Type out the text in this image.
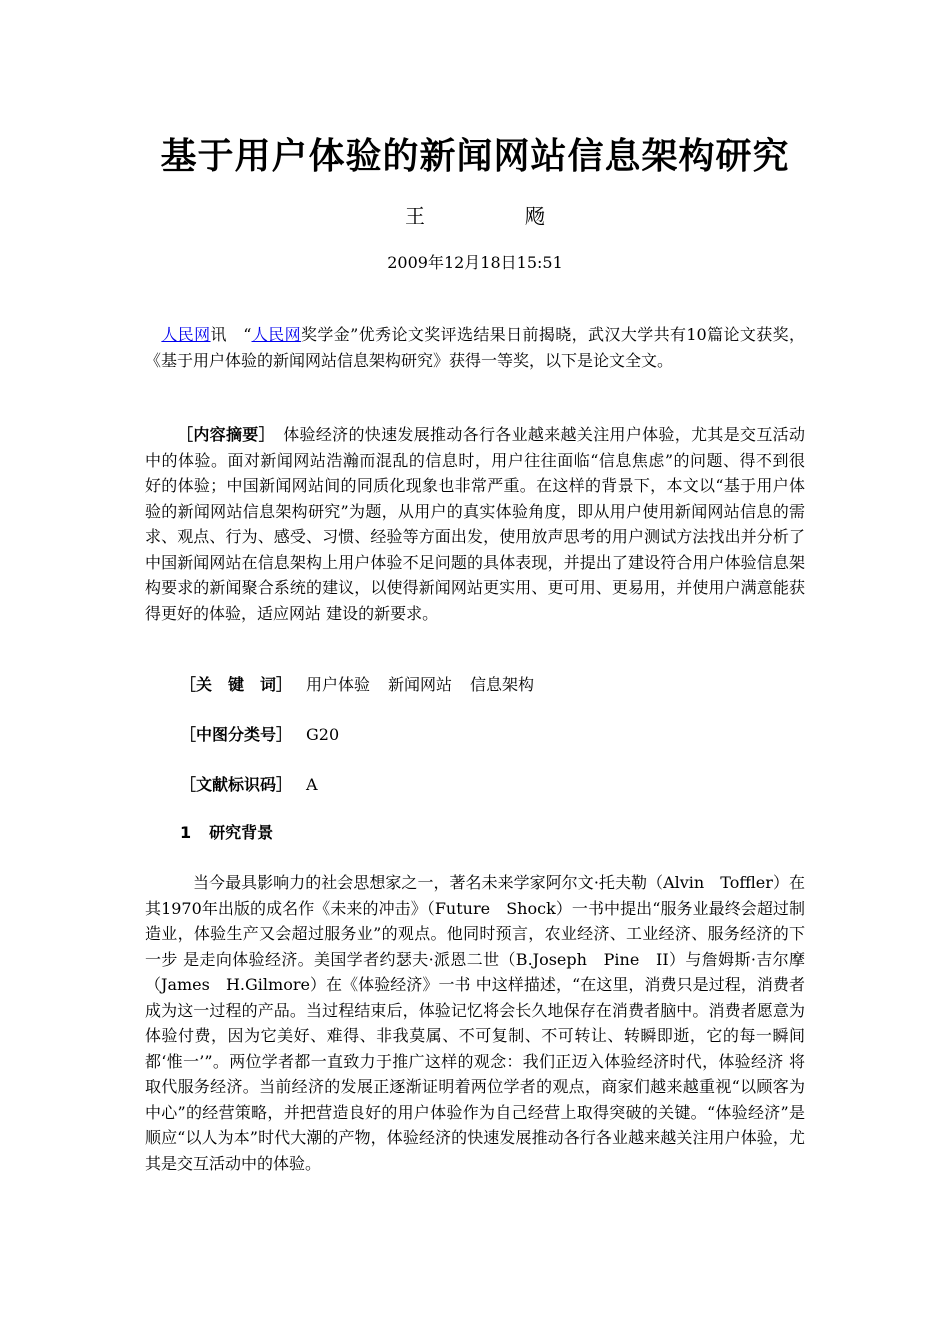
基于用户体验的新闻网站信息架构研究

王	飏

2009年12月18日15:51

​　人民网讯　“人民网奖学金”优秀论文奖评选结果日前揭晓，武汉大学共有10篇论文获奖，《基于用户体验的新闻网站信息架构研究》获得一等奖，以下是论文全文。

［内容摘要］　体验经济的快速发展推动各行各业越来越关注用户体验，尤其是交互活动中的体验。面对新闻网站浩瀚而混乱的信息时，用户往往面临“信息焦虑”的问题、得不到很 好的体验；中国新闻网站间的同质化现象也非常严重。在这样的背景下，本文以“基于用户体验的新闻网站信息架构研究”为题，从用户的真实体验角度，即从用户使用新闻网站信息的需求、观点、行为、感受、习惯、经验等方面出发，使用放声思考的用户测试方法找出并分析了中国新闻网站在信息架构上用户体验不足问题的具体表现，并提出了建设符合用户体验信息架构要求的新闻聚合系统的建议，以使得新闻网站更实用、更可用、更易用，并使用户满意能获得更好的体验，适应网站 建设的新要求。

［关　键　词］ 用户体验 新闻网站 信息架构

［中图分类号］ G20

［文献标识码］ A

1 研究背景

当今最具影响力的社会思想家之一，著名未来学家阿尔文·托夫勒（Alvin　Toffler）在其1970年出版的成名作《未来的冲击》（Future　Shock）一书中提出“服务业最终会超过制造业，体验生产又会超过服务业”的观点。他同时预言，农业经济、工业经济、服务经济的下一步 是走向体验经济。美国学者约瑟夫·派恩二世（B.Joseph　Pine　II）与詹姆斯·吉尔摩（James　H.Gilmore）在《体验经济》一书 中这样描述，“在这里，消费只是过程，消费者成为这一过程的产品。当过程结束后，体验记忆将会长久地保存在消费者脑中。消费者愿意为体验付费，因为它美好、难得、非我莫属、不可复制、不可转让、转瞬即逝，它的每一瞬间都‘惟一’”。两位学者都一直致力于推广这样的观念：我们正迈入体验经济时代，体验经济 将取代服务经济。当前经济的发展正逐渐证明着两位学者的观点，商家们越来越重视“以顾客为中心”的经营策略，并把营造良好的用户体验作为自己经营上取得突破的关键。“体验经济”是顺应“以人为本”时代大潮的产物，体验经济的快速发展推动各行各业越来越关注用户体验，尤其是交互活动中的体验。
